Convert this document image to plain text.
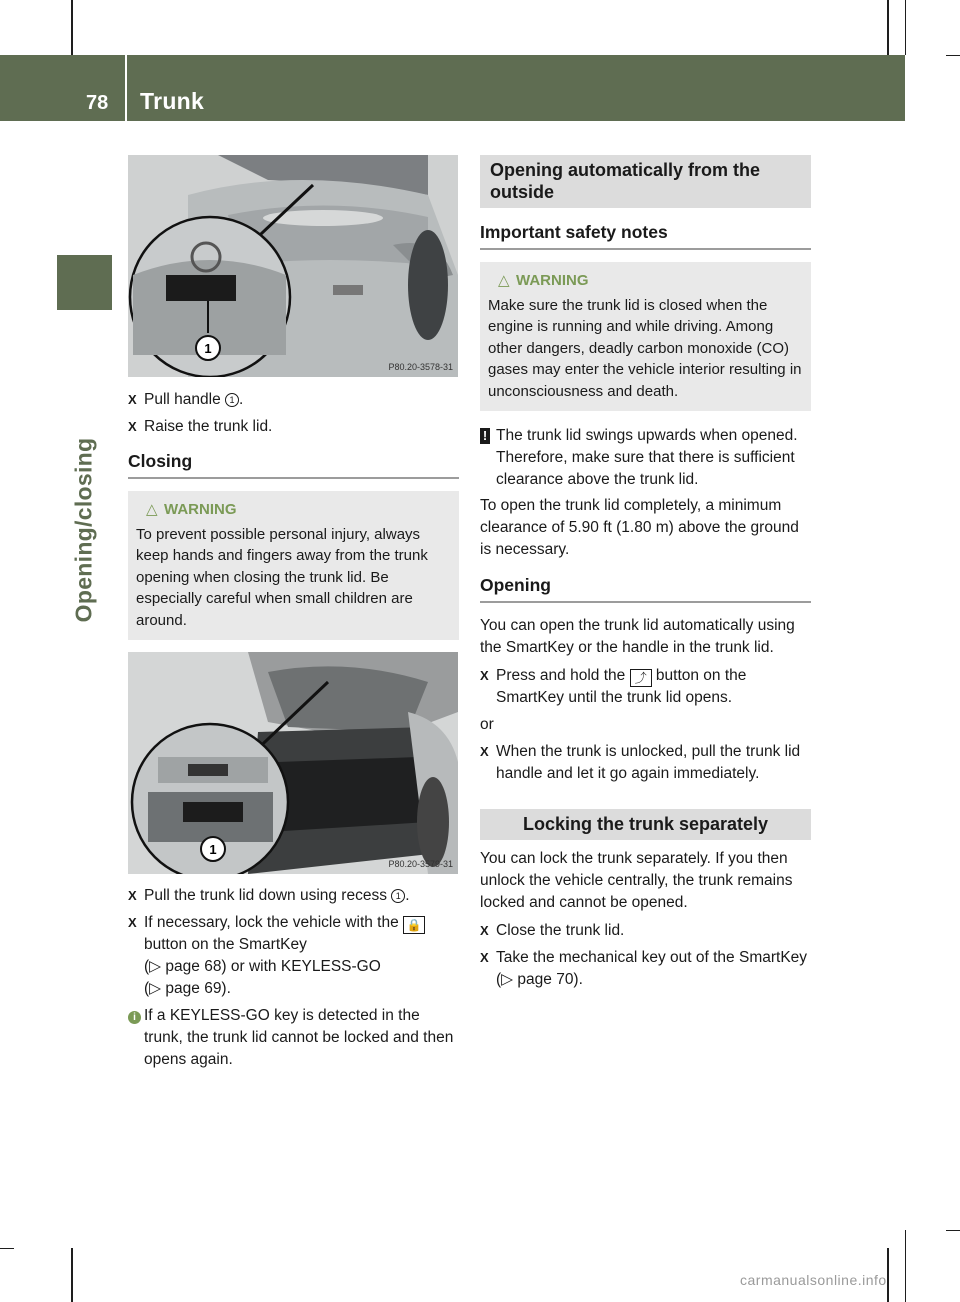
78 Trunk
Opening/closing
1
P80.20-3578-31
X Pull handle 1 .
X Raise the trunk lid.
Closing
△ WARNING

To prevent possible personal injury, always keep hands and fingers away from the trunk opening when closing the trunk lid. Be especially careful when small children are around.

1
P80.20-3579-31
X Pull the trunk lid down using recess 1 .
X If necessary, lock the vehicle with the 🔒 button on the SmartKey
(▷ page 68) or with KEYLESS-GO
(▷ page 69).
i If a KEYLESS-GO key is detected in the trunk, the trunk lid cannot be locked and then opens again.
Opening automatically from the outside
Important safety notes
△ WARNING

Make sure the trunk lid is closed when the engine is running and while driving. Among other dangers, deadly carbon monoxide (CO) gases may enter the vehicle interior resulting in unconsciousness and death.

! The trunk lid swings upwards when opened. Therefore, make sure that there is sufficient clearance above the trunk lid.

To open the trunk lid completely, a minimum clearance of 5.90 ft (1.80 m) above the ground is necessary.

Opening

You can open the trunk lid automatically using the SmartKey or the handle in the trunk lid.

X Press and hold the ⤴ button on the SmartKey until the trunk lid opens.

or

X When the trunk is unlocked, pull the trunk lid handle and let it go again immediately.
Locking the trunk separately

You can lock the trunk separately. If you then unlock the vehicle centrally, the trunk remains locked and cannot be opened.

X Close the trunk lid.
X Take the mechanical key out of the SmartKey (▷ page 70).
carmanualsonline.info
